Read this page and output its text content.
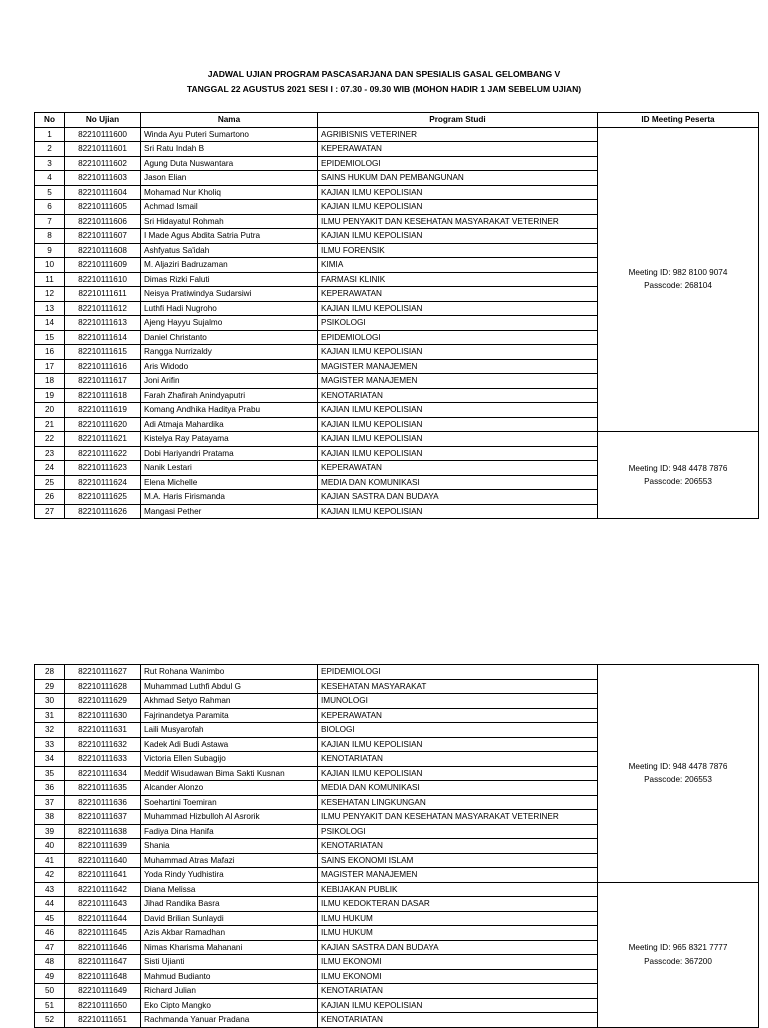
JADWAL UJIAN PROGRAM PASCASARJANA DAN SPESIALIS GASAL GELOMBANG V
TANGGAL 22 AGUSTUS 2021 SESI I : 07.30 - 09.30 WIB (MOHON HADIR 1 JAM SEBELUM UJIAN)
No	No Ujian	Nama	Program Studi	ID Meeting Peserta
1	82210111600	Winda Ayu Puteri Sumartono	AGRIBISNIS VETERINER	Meeting ID: 982 8100 9074
Passcode: 268104

2	82210111601	Sri Ratu Indah B	KEPERAWATAN	
3	82210111602	Agung Duta Nuswantara	EPIDEMIOLOGI	
4	82210111603	Jason Elian	SAINS HUKUM DAN PEMBANGUNAN	
5	82210111604	Mohamad Nur Kholiq	KAJIAN ILMU KEPOLISIAN	
6	82210111605	Achmad Ismail	KAJIAN ILMU KEPOLISIAN	
7	82210111606	Sri Hidayatul Rohmah	ILMU PENYAKIT DAN KESEHATAN MASYARAKAT VETERINER	
8	82210111607	I Made Agus Abdita Satria Putra	KAJIAN ILMU KEPOLISIAN	
9	82210111608	Ashfyatus Sa'idah	ILMU FORENSIK	
10	82210111609	M. Aljaziri Badruzaman	KIMIA	
11	82210111610	Dimas Rizki Faluti	FARMASI KLINIK	
12	82210111611	Neisya Pratiwindya Sudarsiwi	KEPERAWATAN	
13	82210111612	Luthfi Hadi Nugroho	KAJIAN ILMU KEPOLISIAN	
14	82210111613	Ajeng Hayyu Sujalmo	PSIKOLOGI	
15	82210111614	Daniel Christanto	EPIDEMIOLOGI	
16	82210111615	Rangga Nurrizaldy	KAJIAN ILMU KEPOLISIAN	
17	82210111616	Aris Widodo	MAGISTER MANAJEMEN	
18	82210111617	Joni Arifin	MAGISTER MANAJEMEN	
19	82210111618	Farah Zhafirah Anindyaputri	KENOTARIATAN	
20	82210111619	Komang Andhika Haditya Prabu	KAJIAN ILMU KEPOLISIAN	
21	82210111620	Adi Atmaja Mahardika	KAJIAN ILMU KEPOLISIAN	
22	82210111621	Kistelya Ray Patayama	KAJIAN ILMU KEPOLISIAN	Meeting ID: 948 4478 7876
Passcode: 206553

23	82210111622	Dobi Hariyandri Pratama	KAJIAN ILMU KEPOLISIAN	
24	82210111623	Nanik Lestari	KEPERAWATAN	
25	82210111624	Elena Michelle	MEDIA DAN KOMUNIKASI	
26	82210111625	M.A. Haris Firismanda	KAJIAN SASTRA DAN BUDAYA	
27	82210111626	Mangasi Pether	KAJIAN ILMU KEPOLISIAN	
28	82210111627	Rut Rohana Wanimbo	EPIDEMIOLOGI	Meeting ID: 948 4478 7876
Passcode: 206553

29	82210111628	Muhammad Luthfi Abdul G	KESEHATAN MASYARAKAT	
30	82210111629	Akhmad Setyo Rahman	IMUNOLOGI	
31	82210111630	Fajrinandetya Paramita	KEPERAWATAN	
32	82210111631	Laili Musyarofah	BIOLOGI	
33	82210111632	Kadek Adi Budi Astawa	KAJIAN ILMU KEPOLISIAN	
34	82210111633	Victoria Ellen Subagijo	KENOTARIATAN	
35	82210111634	Meddif Wisudawan Bima Sakti Kusnan	KAJIAN ILMU KEPOLISIAN	
36	82210111635	Alcander Alonzo	MEDIA DAN KOMUNIKASI	
37	82210111636	Soehartini Toemiran	KESEHATAN LINGKUNGAN	
38	82210111637	Muhammad Hizbulloh Al Asrorik	ILMU PENYAKIT DAN KESEHATAN MASYARAKAT VETERINER	
39	82210111638	Fadiya Dina Hanifa	PSIKOLOGI	
40	82210111639	Shania	KENOTARIATAN	
41	82210111640	Muhammad Atras Mafazi	SAINS EKONOMI ISLAM	
42	82210111641	Yoda Rindy Yudhistira	MAGISTER MANAJEMEN	
43	82210111642	Diana Melissa	KEBIJAKAN PUBLIK	Meeting ID: 965 8321 7777
Passcode: 367200

44	82210111643	Jihad Randika Basra	ILMU KEDOKTERAN DASAR	
45	82210111644	David Brilian Sunlaydi	ILMU HUKUM	
46	82210111645	Azis Akbar Ramadhan	ILMU HUKUM	
47	82210111646	Nimas Kharisma Mahanani	KAJIAN SASTRA DAN BUDAYA	
48	82210111647	Sisti Ujianti	ILMU EKONOMI	
49	82210111648	Mahmud Budianto	ILMU EKONOMI	
50	82210111649	Richard Julian	KENOTARIATAN	
51	82210111650	Eko Cipto Mangko	KAJIAN ILMU KEPOLISIAN	
52	82210111651	Rachmanda Yanuar Pradana	KENOTARIATAN	
